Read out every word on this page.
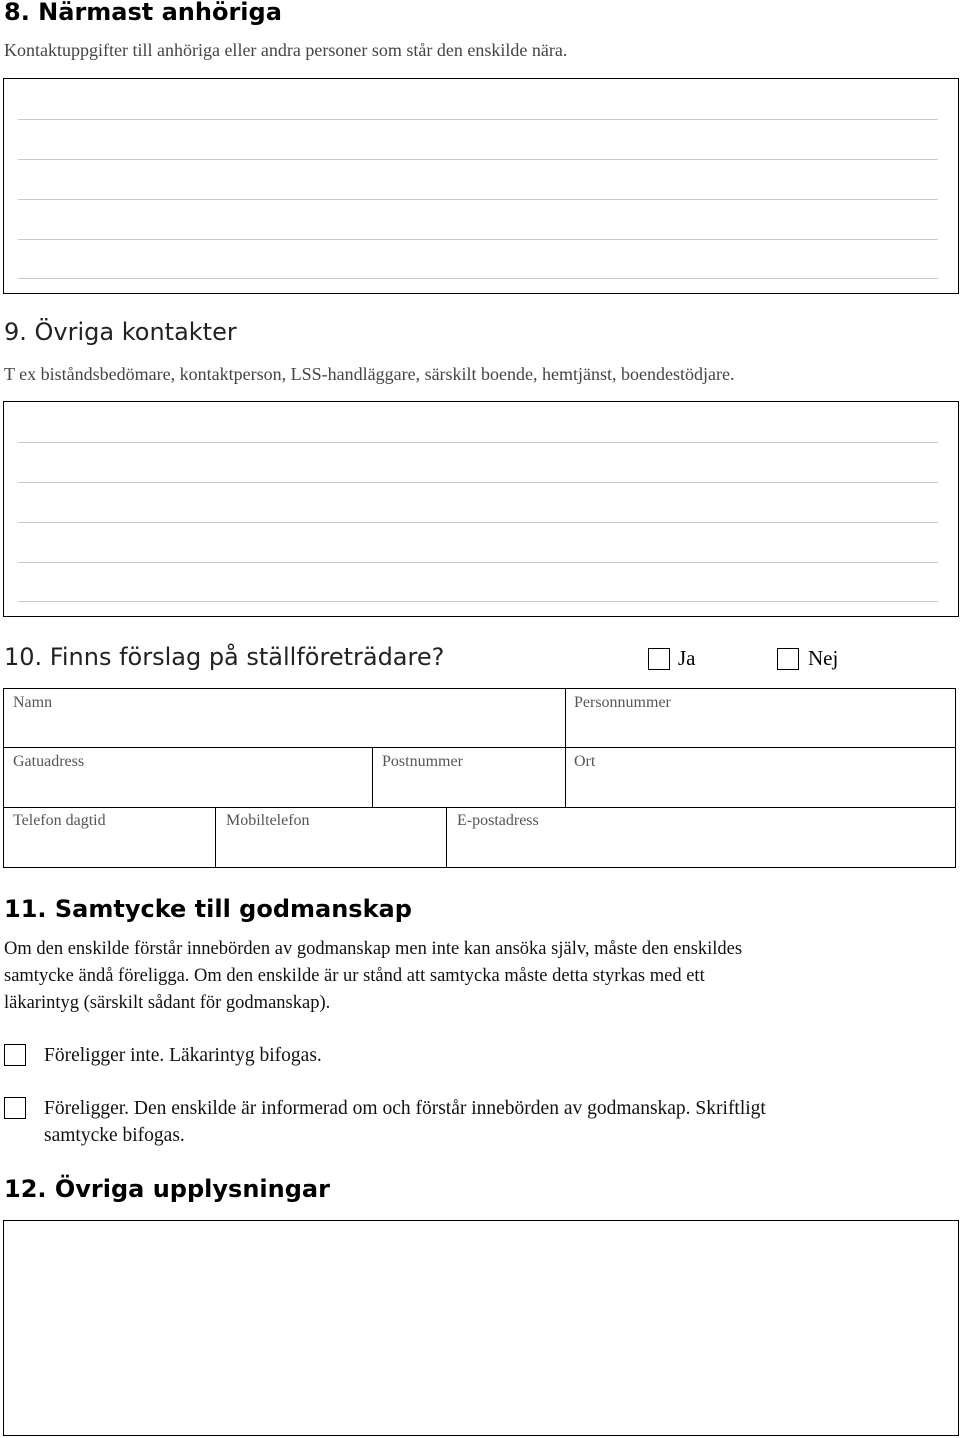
8. Närmast anhöriga
Kontaktuppgifter till anhöriga eller andra personer som står den enskilde nära.
9. Övriga kontakter
T ex biståndsbedömare, kontaktperson, LSS-handläggare, särskilt boende, hemtjänst, boendestödjare.
10. Finns förslag på ställföreträdare?	Ja	Nej
Namn	Personnummer
Gatuadress	Postnummer	Ort
Telefon dagtid	Mobiltelefon	E-postadress
11. Samtycke till godmanskap
Om den enskilde förstår innebörden av godmanskap men inte kan ansöka själv, måste den enskildes
samtycke ändå föreligga. Om den enskilde är ur stånd att samtycka måste detta styrkas med ett
läkarintyg (särskilt sådant för godmanskap).
Föreligger inte. Läkarintyg bifogas.
Föreligger. Den enskilde är informerad om och förstår innebörden av godmanskap. Skriftligt
samtycke bifogas.
12. Övriga upplysningar
